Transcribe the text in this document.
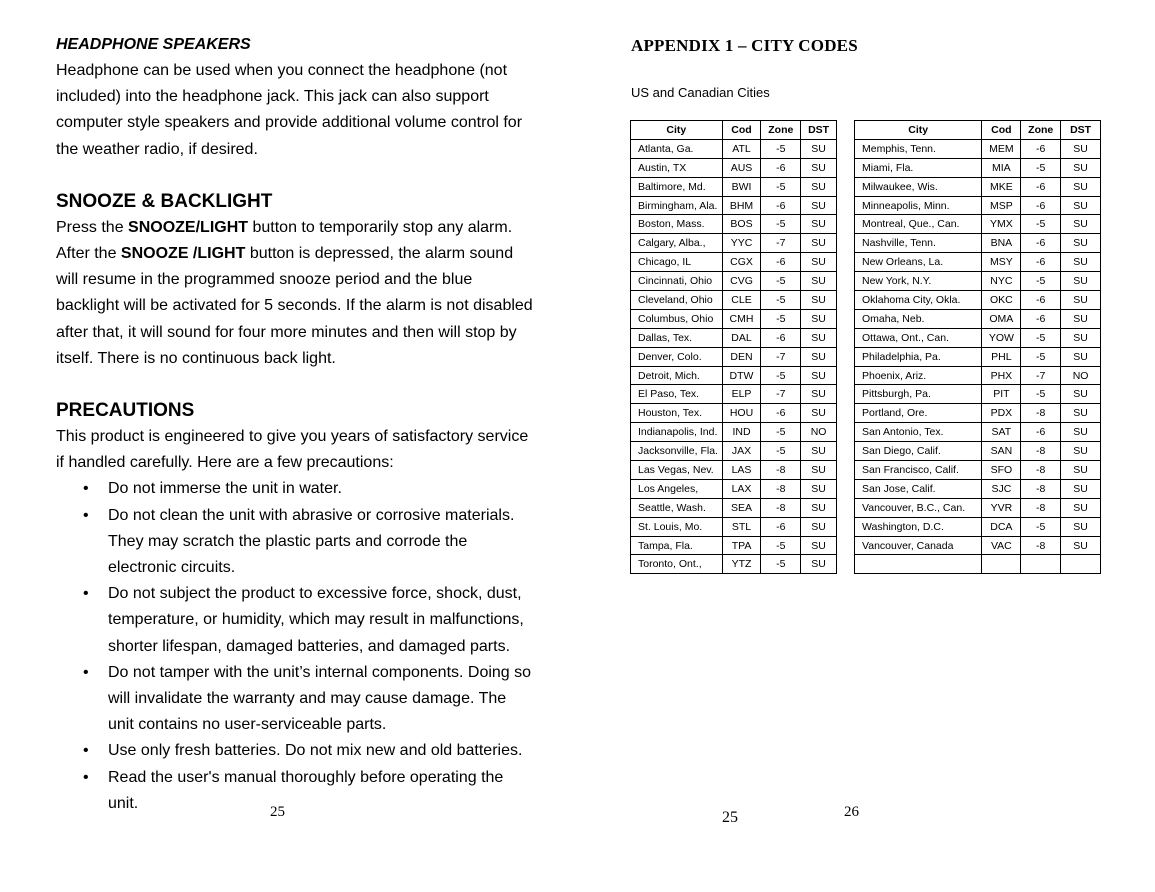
HEADPHONE SPEAKERS

Headphone can be used when you connect the headphone (not included) into the headphone jack. This jack can also support computer style speakers and provide additional volume control for the weather radio, if desired.

SNOOZE & BACKLIGHT

Press the SNOOZE/LIGHT button to temporarily stop any alarm. After the SNOOZE /LIGHT button is depressed, the alarm sound will resume in the programmed snooze period and the blue backlight will be activated for 5 seconds. If the alarm is not disabled after that, it will sound for four more minutes and then will stop by itself. There is no continuous back light.

PRECAUTIONS

This product is engineered to give you years of satisfactory service if handled carefully. Here are a few precautions:

• Do not immerse the unit in water.
• Do not clean the unit with abrasive or corrosive materials. They may scratch the plastic parts and corrode the electronic circuits.
• Do not subject the product to excessive force, shock, dust, temperature, or humidity, which may result in malfunctions, shorter lifespan, damaged batteries, and damaged parts.
• Do not tamper with the unit’s internal components. Doing so will invalidate the warranty and may cause damage. The unit contains no user-serviceable parts.
• Use only fresh batteries. Do not mix new and old batteries.
• Read the user's manual thoroughly before operating the unit.
25
APPENDIX 1 – CITY CODES
US and Canadian Cities
City	Cod	Zone	DST
Atlanta, Ga.	ATL	-5	SU
Austin, TX	AUS	-6	SU
Baltimore, Md.	BWI	-5	SU
Birmingham, Ala.	BHM	-6	SU
Boston, Mass.	BOS	-5	SU
Calgary, Alba.,	YYC	-7	SU
Chicago, IL	CGX	-6	SU
Cincinnati, Ohio	CVG	-5	SU
Cleveland, Ohio	CLE	-5	SU
Columbus, Ohio	CMH	-5	SU
Dallas, Tex.	DAL	-6	SU
Denver, Colo.	DEN	-7	SU
Detroit, Mich.	DTW	-5	SU
El Paso, Tex.	ELP	-7	SU
Houston, Tex.	HOU	-6	SU
Indianapolis, Ind.	IND	-5	NO
Jacksonville, Fla.	JAX	-5	SU
Las Vegas, Nev.	LAS	-8	SU
Los Angeles,	LAX	-8	SU
Seattle, Wash.	SEA	-8	SU
St. Louis, Mo.	STL	-6	SU
Tampa, Fla.	TPA	-5	SU
Toronto, Ont.,	YTZ	-5	SU
City	Cod	Zone	DST
Memphis, Tenn.	MEM	-6	SU
Miami, Fla.	MIA	-5	SU
Milwaukee, Wis.	MKE	-6	SU
Minneapolis, Minn.	MSP	-6	SU
Montreal, Que., Can.	YMX	-5	SU
Nashville, Tenn.	BNA	-6	SU
New Orleans, La.	MSY	-6	SU
New York, N.Y.	NYC	-5	SU
Oklahoma City, Okla.	OKC	-6	SU
Omaha, Neb.	OMA	-6	SU
Ottawa, Ont., Can.	YOW	-5	SU
Philadelphia, Pa.	PHL	-5	SU
Phoenix, Ariz.	PHX	-7	NO
Pittsburgh, Pa.	PIT	-5	SU
Portland, Ore.	PDX	-8	SU
San Antonio, Tex.	SAT	-6	SU
San Diego, Calif.	SAN	-8	SU
San Francisco, Calif.	SFO	-8	SU
San Jose, Calif.	SJC	-8	SU
Vancouver, B.C., Can.	YVR	-8	SU
Washington, D.C.	DCA	-5	SU
Vancouver, Canada	VAC	-8	SU

25	26
